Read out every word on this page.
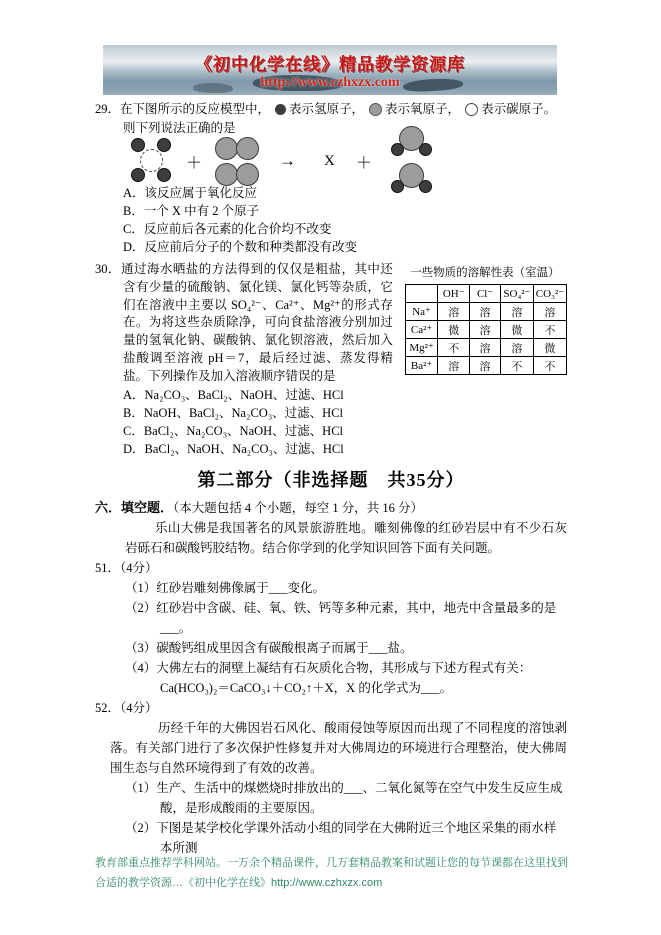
《初中化学在线》精品教学资源库
http://www.czhxzx.com
29．在下图所示的反应模型中， 表示氢原子， 表示氧原子， 表示碳原子。
则下列说法正确的是
＋	→ X ＋
A．该反应属于氧化反应
B．一个 X 中有 2 个原子
C．反应前后各元素的化合价均不改变
D．反应前后分子的个数和种类都没有改变
30．通过海水晒盐的方法得到的仅仅是粗盐，其中还含有少量的硫酸钠、氯化镁、氯化钙等杂质，它们在溶液中主要以 SO₄²⁻、Ca²⁺、Mg²⁺的形式存在。为将这些杂质除净，可向食盐溶液分别加过量的氢氧化钠、碳酸钠、氯化钡溶液，然后加入盐酸调至溶液 pH＝7，最后经过滤、蒸发得精盐。下列操作及加入溶液顺序错误的是
一些物质的溶解性表（室温）
	OH⁻	Cl⁻	SO₄²⁻	CO₃²⁻
Na⁺	溶	溶	溶	溶
Ca²⁺	微	溶	微	不
Mg²⁺	不	溶	溶	微
Ba²⁺	溶	溶	不	不
A．Na₂CO₃、BaCl₂、NaOH、过滤、HCl
B．NaOH、BaCl₂、Na₂CO₃、过滤、HCl
C．BaCl₂、Na₂CO₃、NaOH、过滤、HCl
D．BaCl₂、NaOH、Na₂CO₃、过滤、HCl
第二部分（非选择题　共35分）
六．填空题．（本大题包括 4 个小题，每空 1 分，共 16 分）
乐山大佛是我国著名的风景旅游胜地。雕刻佛像的红砂岩层中有不少石灰岩砾石和碳酸钙胶结物。结合你学到的化学知识回答下面有关问题。
51．（4分）
（1）红砂岩雕刻佛像属于___变化。
（2）红砂岩中含碳、硅、氧、铁、钙等多种元素，其中，地壳中含量最多的是___。
（3）碳酸钙组成里因含有碳酸根离子而属于___盐。
（4）大佛左右的洞壁上凝结有石灰质化合物，其形成与下述方程式有关：
Ca(HCO₃)₂＝CaCO₃↓＋CO₂↑＋X，X 的化学式为___。
52．（4分）
历经千年的大佛因岩石风化、酸雨侵蚀等原因而出现了不同程度的溶蚀剥落。有关部门进行了多次保护性修复并对大佛周边的环境进行合理整治，使大佛周围生态与自然环境得到了有效的改善。
（1）生产、生活中的煤燃烧时排放出的___、二氧化氮等在空气中发生反应生成酸，是形成酸雨的主要原因。
（2）下图是某学校化学课外活动小组的同学在大佛附近三个地区采集的雨水样本所测
教育部重点推荐学科网站。一万余个精品课件，几万套精品教案和试题让您的每节课都在这里找到合适的教学资源…《初中化学在线》http://www.czhxzx.com
